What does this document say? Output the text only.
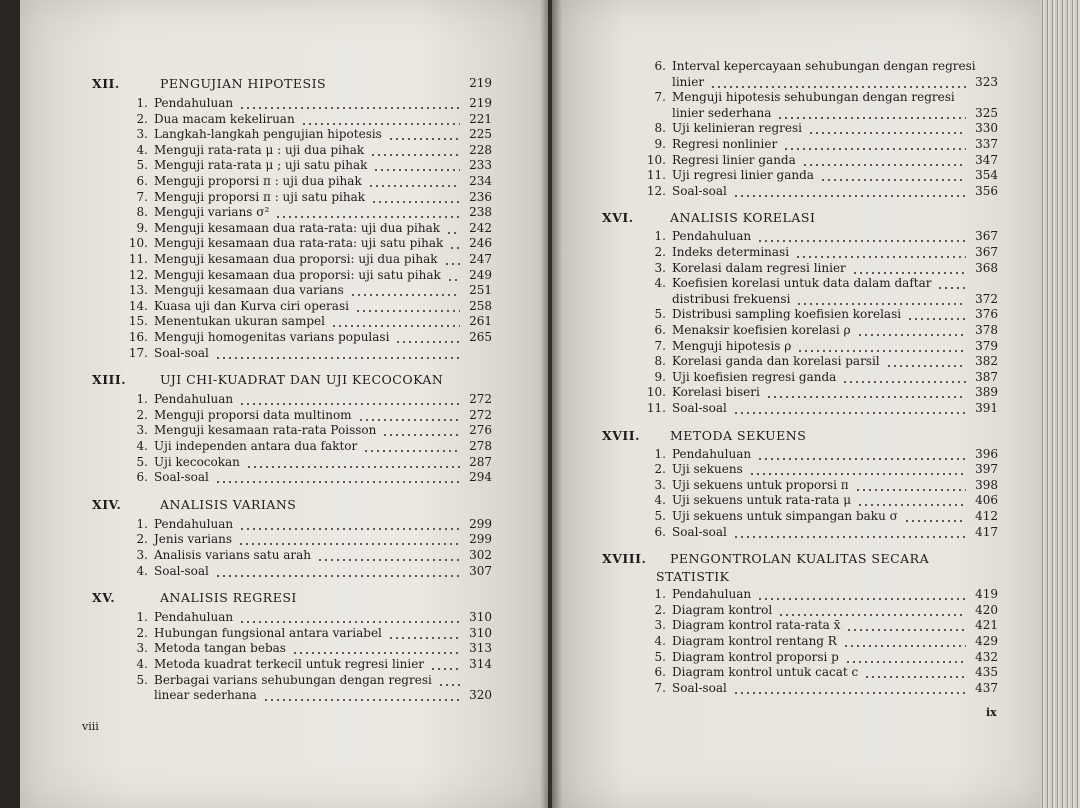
XII.	PENGUJIAN HIPOTESIS	219
1. Pendahuluan	219
2. Dua macam kekeliruan	221
3. Langkah-langkah pengujian hipotesis	225
4. Menguji rata-rata μ : uji dua pihak	228
5. Menguji rata-rata μ ; uji satu pihak	233
6. Menguji proporsi π : uji dua pihak	234
7. Menguji proporsi π : uji satu pihak	236
8. Menguji varians σ²	238
9. Menguji kesamaan dua rata-rata: uji dua pihak	242
10. Menguji kesamaan dua rata-rata: uji satu pihak	246
11. Menguji kesamaan dua proporsi: uji dua pihak	247
12. Menguji kesamaan dua proporsi: uji satu pihak	249
13. Menguji kesamaan dua varians	251
14. Kuasa uji dan Kurva ciri operasi	258
15. Menentukan ukuran sampel	261
16. Menguji homogenitas varians populasi	265
17. Soal-soal
XIII.	UJI CHI-KUADRAT DAN UJI KECOCOKAN
1. Pendahuluan	272
2. Menguji proporsi data multinom	272
3. Menguji kesamaan rata-rata Poisson	276
4. Uji independen antara dua faktor	278
5. Uji kecocokan	287
6. Soal-soal	294
XIV.	ANALISIS VARIANS
1. Pendahuluan	299
2. Jenis varians	299
3. Analisis varians satu arah	302
4. Soal-soal	307
XV.	ANALISIS REGRESI
1. Pendahuluan	310
2. Hubungan fungsional antara variabel	310
3. Metoda tangan bebas	313
4. Metoda kuadrat terkecil untuk regresi linier	314
5. Berbagai varians sehubungan dengan regresi
linear sederhana	320
6. Interval kepercayaan sehubungan dengan regresi
linier	323
7. Menguji hipotesis sehubungan dengan regresi
linier sederhana	325
8. Uji kelinieran regresi	330
9. Regresi nonlinier	337
10. Regresi linier ganda	347
11. Uji regresi linier ganda	354
12. Soal-soal	356
XVI.	ANALISIS KORELASI
1. Pendahuluan	367
2. Indeks determinasi	367
3. Korelasi dalam regresi linier	368
4. Koefisien korelasi untuk data dalam daftar
distribusi frekuensi	372
5. Distribusi sampling koefisien korelasi	376
6. Menaksir koefisien korelasi ρ	378
7. Menguji hipotesis ρ	379
8. Korelasi ganda dan korelasi parsil	382
9. Uji koefisien regresi ganda	387
10. Korelasi biseri	389
11. Soal-soal	391
XVII. METODA SEKUENS
1. Pendahuluan	396
2. Uji sekuens	397
3. Uji sekuens untuk proporsi π	398
4. Uji sekuens untuk rata-rata μ	406
5. Uji sekuens untuk simpangan baku σ	412
6. Soal-soal	417
XVIII. PENGONTROLAN KUALITAS SECARA
STATISTIK
1. Pendahuluan	419
2. Diagram kontrol	420
3. Diagram kontrol rata-rata x̄	421
4. Diagram kontrol rentang R	429
5. Diagram kontrol proporsi p	432
6. Diagram kontrol untuk cacat c	435
7. Soal-soal	437
viii
ix
